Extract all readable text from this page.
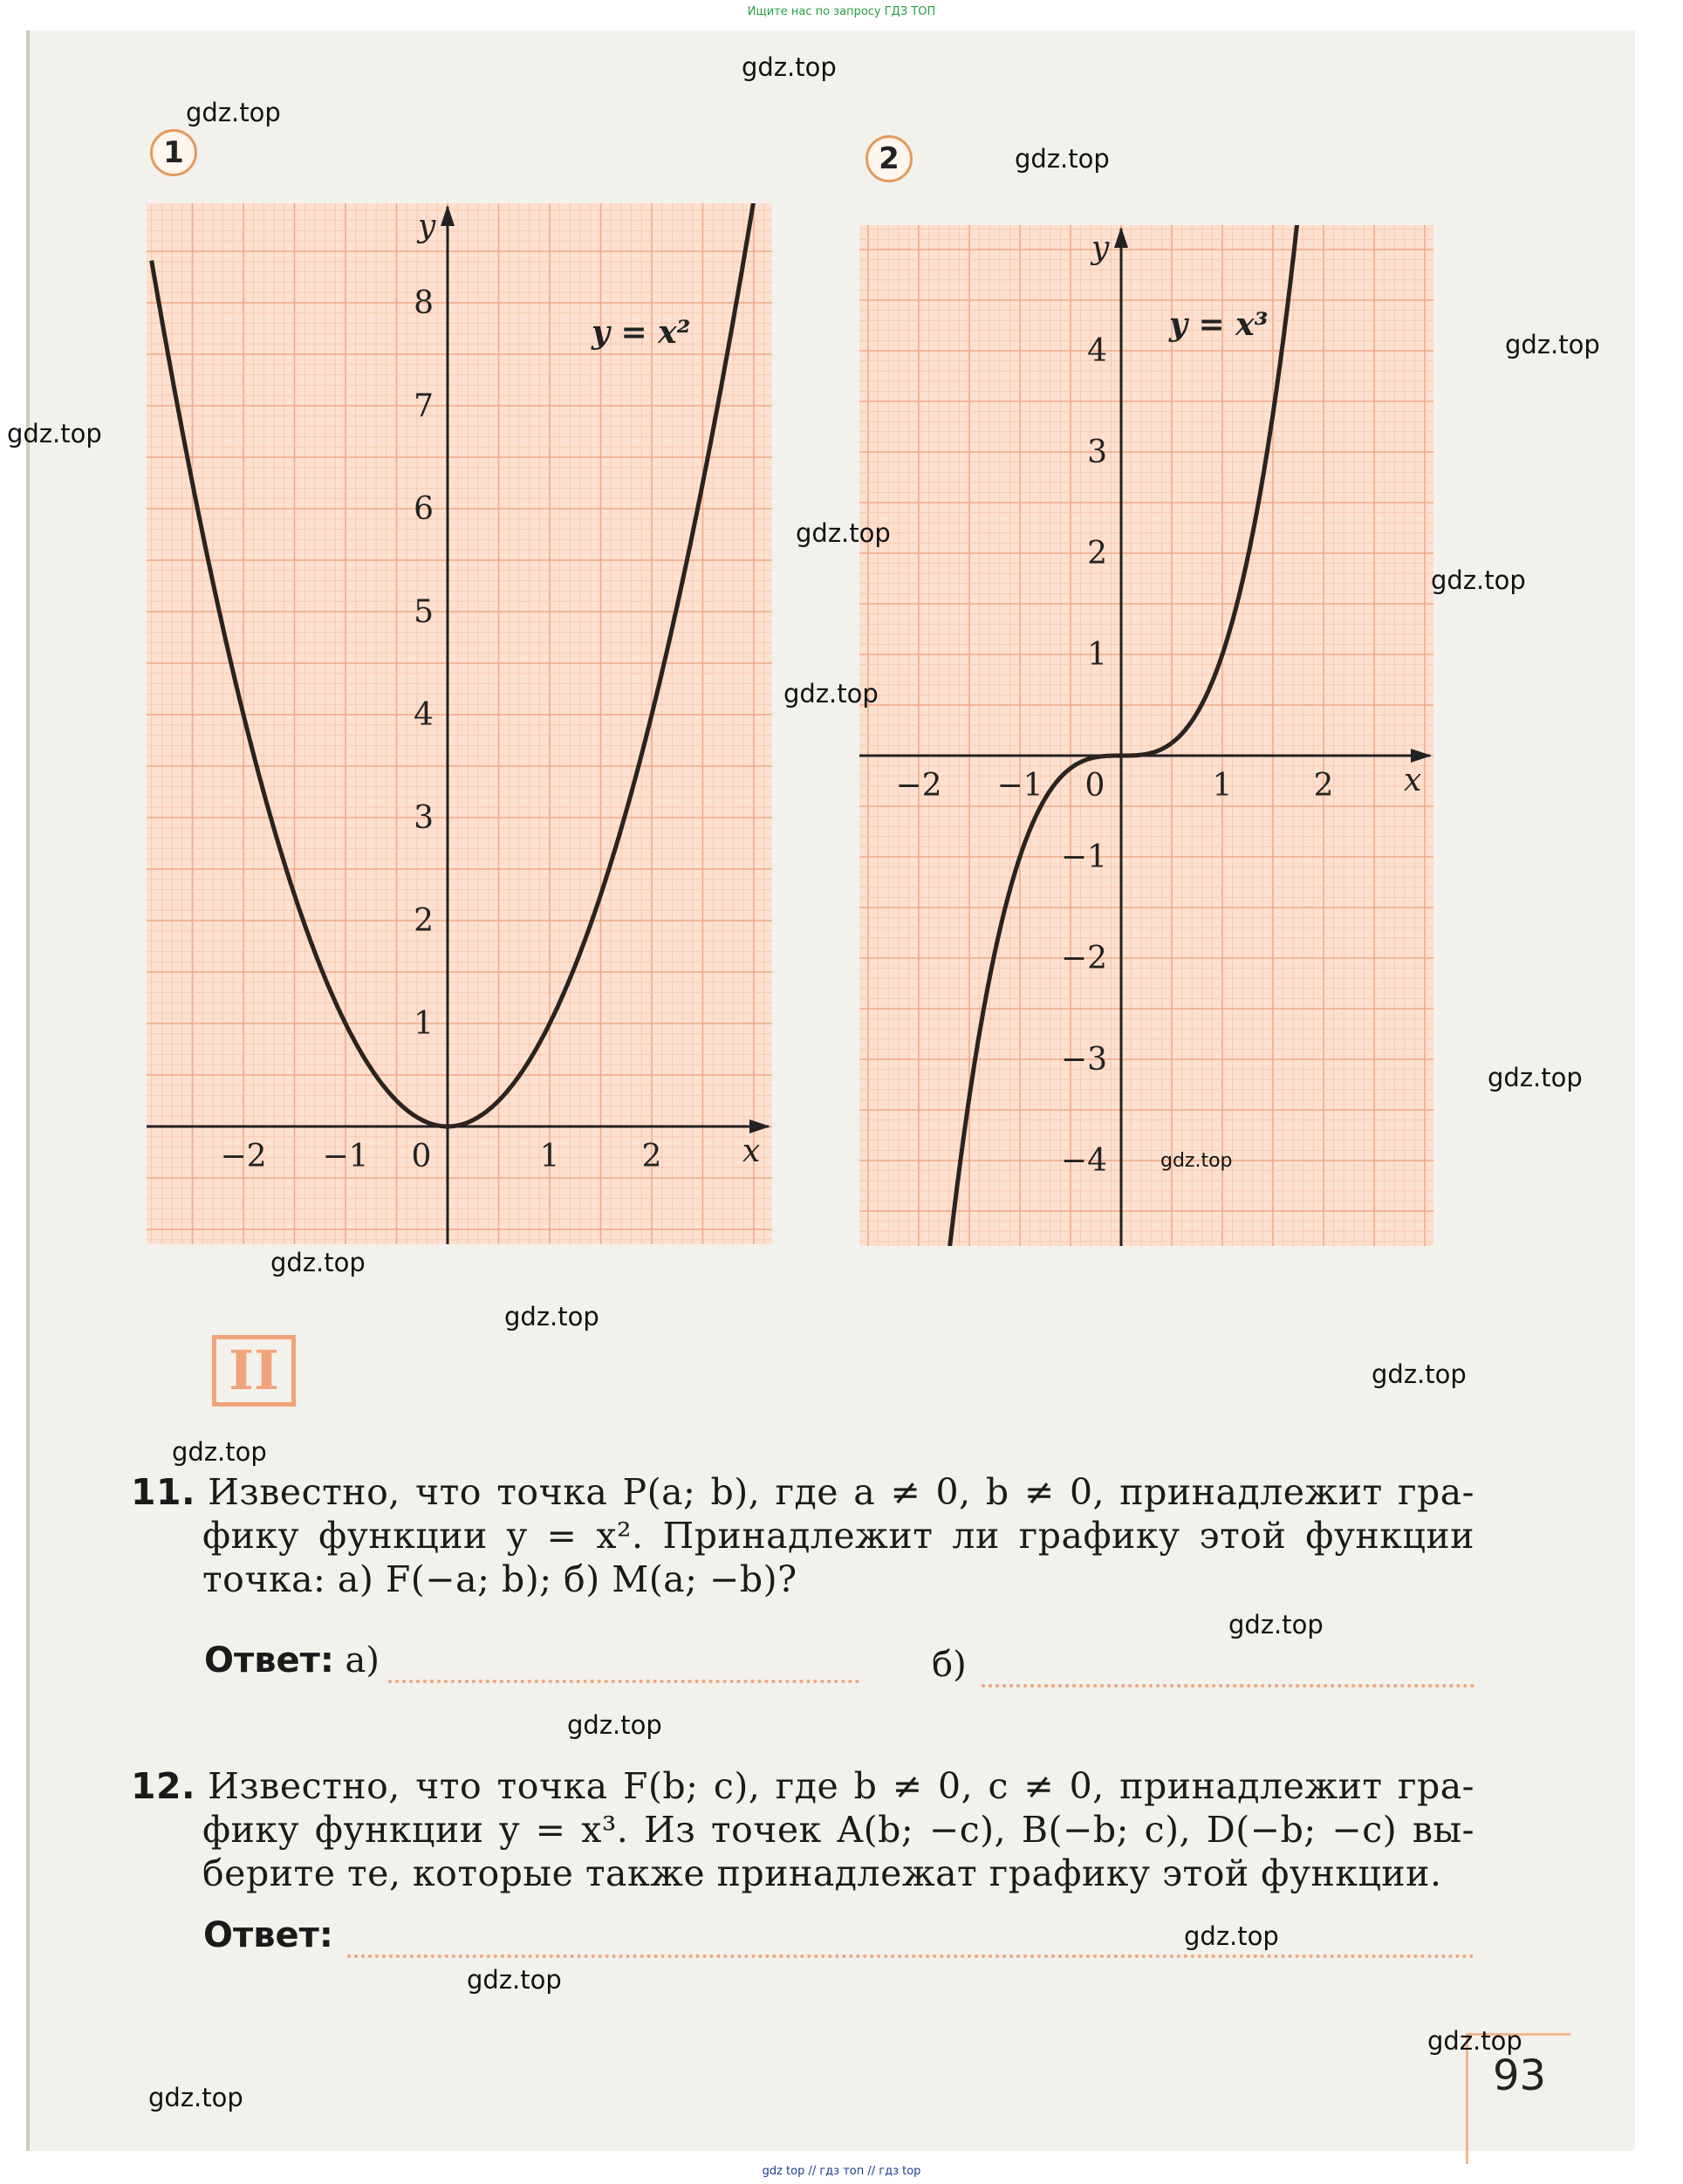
Ищите нас по запросу ГДЗ ТОП
1	2
−2 −1 0	1	2
1
2
3
4
5
6
7
8
x
y
y = x²
−2 −1 0	1	2
−4
−3
−2
−1
1
2
3
4
x
y
y = x³
II
11. Известно, что точка P(a; b), где a ≠ 0, b ≠ 0, принадлежит гра-
фику функции y = x². Принадлежит ли графику этой функции
точка: а) F(−a; b); б) M(a; −b)?
Ответ: а)	б)
12. Известно, что точка F(b; c), где b ≠ 0, c ≠ 0, принадлежит гра-
фику функции y = x³. Из точек A(b; −c), B(−b; c), D(−b; −c) вы-
берите те, которые также принадлежат графику этой функции.
Ответ:
93
gdz.top
gdz.top
gdz.top
gdz.top
gdz.top
gdz.top
gdz.top
gdz.top
gdz.top
gdz.top
gdz.top
gdz.top
gdz.top
gdz.top
gdz.top
gdz.top
gdz.top
gdz.top
gdz.top
gdz.top
gdz top // гдз топ // гдз top
